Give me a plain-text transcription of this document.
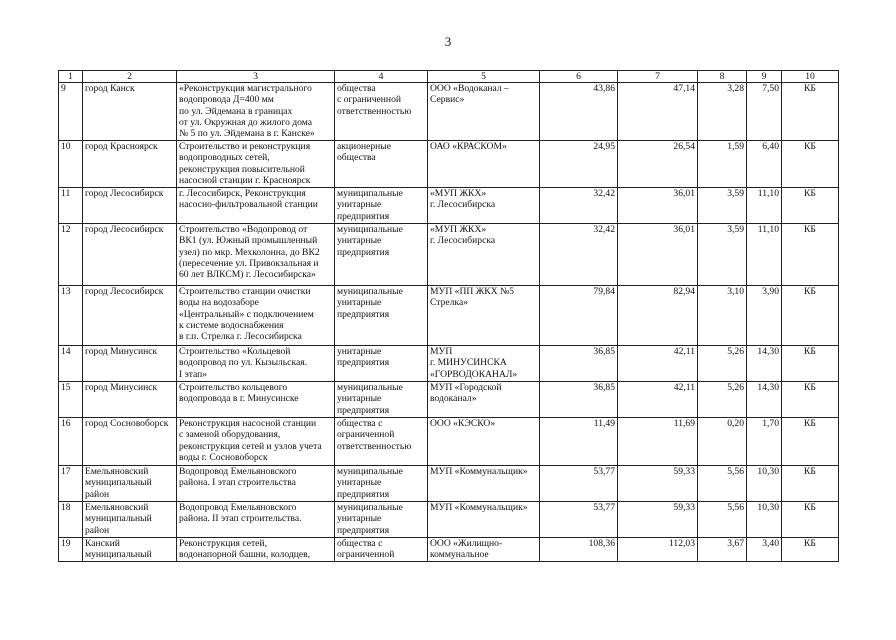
3
1	2	3	4	5	6	7	8	9	10
9	город Канск	«Реконструкция магистрального
водопровода Д=400 мм
по ул. Эйдемана в границах
от ул. Окружная до жилого дома
№ 5 по ул. Эйдемана в г. Канске»	общества
с ограниченной
ответственностью	ООО «Водоканал –
Сервис»	43,86	47,14	3,28	7,50	КБ
10	город Красноярск	Строительство и реконструкция
водопроводных сетей,
реконструкция повысительной
насосной станции г. Красноярск	акционерные
общества	ОАО «КРАСКОМ»	24,95	26,54	1,59	6,40	КБ
11	город Лесосибирск	г. Лесосибирск, Реконструкция
насосно-фильтровальной станции	муниципальные
унитарные
предприятия	«МУП ЖКХ»
г. Лесосибирска	32,42	36,01	3,59	11,10	КБ
12	город Лесосибирск	Строительство «Водопровод от
ВК1 (ул. Южный промышленный
узел) по мкр. Мехколонна, до ВК2
(пересечение ул. Привокзальная и
60 лет ВЛКСМ) г. Лесосибирска»	муниципальные
унитарные
предприятия	«МУП ЖКХ»
г. Лесосибирска	32,42	36,01	3,59	11,10	КБ
13	город Лесосибирск	Строительство станции очистки
воды на водозаборе
«Центральный» с подключением
к системе водоснабжения
в г.п. Стрелка г. Лесосибирска	муниципальные
унитарные
предприятия	МУП «ПП ЖКХ №5
Стрелка»	79,84	82,94	3,10	3,90	КБ
14	город Минусинск	Строительство «Кольцевой
водопровод по ул. Кызыльская.
I этап»	унитарные
предприятия	МУП
г. МИНУСИНСКА
«ГОРВОДОКАНАЛ»	36,85	42,11	5,26	14,30	КБ
15	город Минусинск	Строительство кольцевого
водопровода в г. Минусинске	муниципальные
унитарные
предприятия	МУП «Городской
водоканал»	36,85	42,11	5,26	14,30	КБ
16	город Сосновоборск	Реконструкция насосной станции
с заменой оборудования,
реконструкция сетей и узлов учета
воды г. Сосновоборск	общества с
ограниченной
ответственностью	ООО «КЭСКО»	11,49	11,69	0,20	1,70	КБ
17	Емельяновский
муниципальный
район	Водопровод Емельяновского
района. I этап строительства	муниципальные
унитарные
предприятия	МУП «Коммунальщик»	53,77	59,33	5,56	10,30	КБ
18	Емельяновский
муниципальный
район	Водопровод Емельяновского
района. II этап строительства.	муниципальные
унитарные
предприятия	МУП «Коммунальщик»	53,77	59,33	5,56	10,30	КБ
19	Канский
муниципальный	Реконструкция сетей,
водонапорной башни, колодцев,	общества с
ограниченной	ООО «Жилищно-
коммунальное	108,36	112,03	3,67	3,40	КБ
